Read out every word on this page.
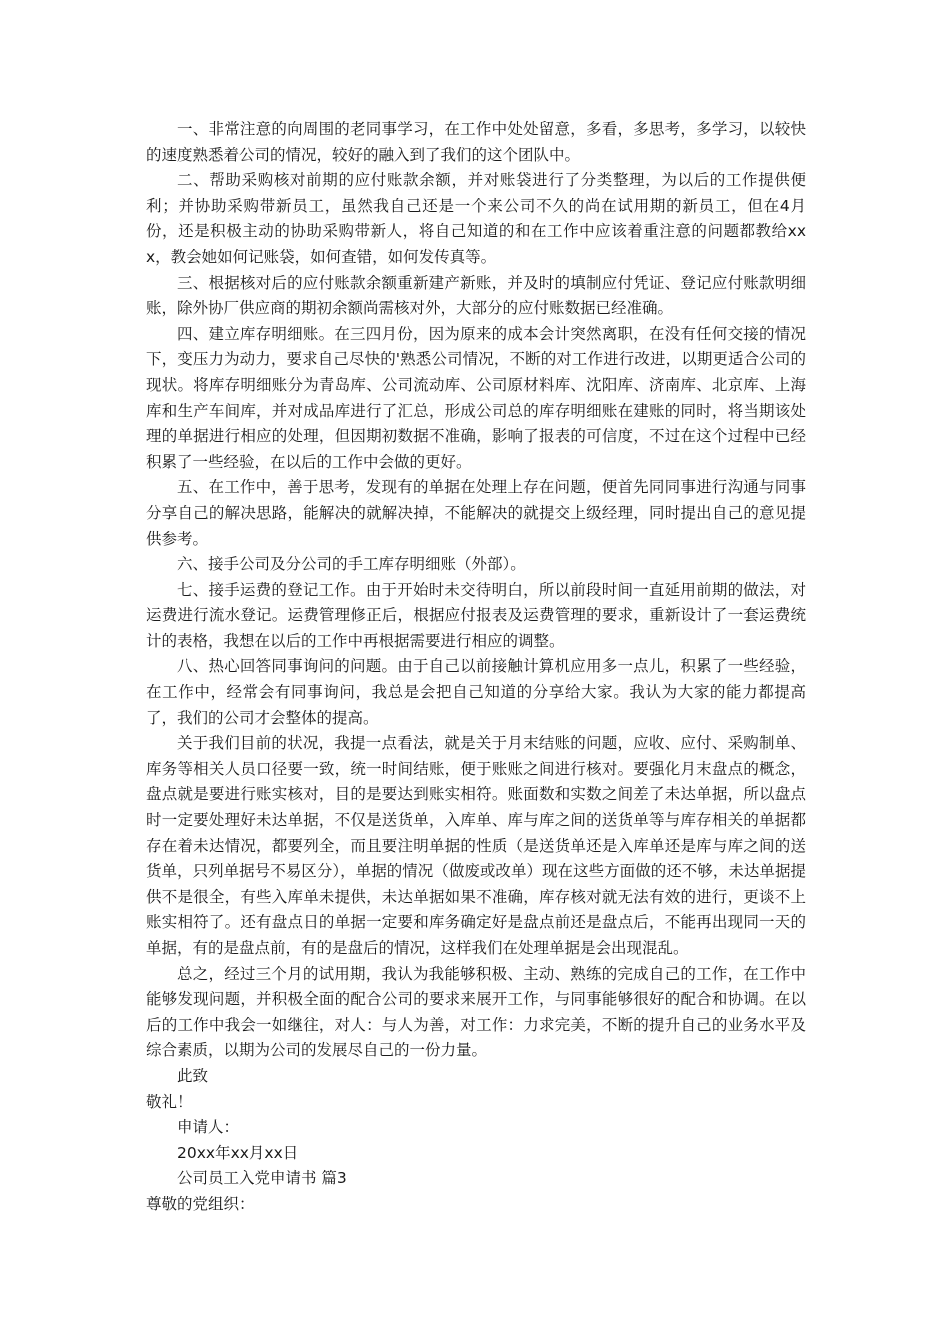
一、非常注意的向周围的老同事学习，在工作中处处留意，多看，多思考，多学习，以较快的速度熟悉着公司的情况，较好的融入到了我们的这个团队中。

二、帮助采购核对前期的应付账款余额，并对账袋进行了分类整理，为以后的工作提供便利；并协助采购带新员工，虽然我自己还是一个来公司不久的尚在试用期的新员工，但在4月份，还是积极主动的协助采购带新人，将自己知道的和在工作中应该着重注意的问题都教给xxx，教会她如何记账袋，如何查错，如何发传真等。

三、根据核对后的应付账款余额重新建产新账，并及时的填制应付凭证、登记应付账款明细账，除外协厂供应商的期初余额尚需核对外，大部分的应付账数据已经准确。

四、建立库存明细账。在三四月份，因为原来的成本会计突然离职，在没有任何交接的情况下，变压力为动力，要求自己尽快的'熟悉公司情况，不断的对工作进行改进，以期更适合公司的现状。将库存明细账分为青岛库、公司流动库、公司原材料库、沈阳库、济南库、北京库、上海库和生产车间库，并对成品库进行了汇总，形成公司总的库存明细账在建账的同时，将当期该处理的单据进行相应的处理，但因期初数据不准确，影响了报表的可信度，不过在这个过程中已经积累了一些经验，在以后的工作中会做的更好。

五、在工作中，善于思考，发现有的单据在处理上存在问题，便首先同同事进行沟通与同事分享自己的解决思路，能解决的就解决掉，不能解决的就提交上级经理，同时提出自己的意见提供参考。

六、接手公司及分公司的手工库存明细账（外部）。

七、接手运费的登记工作。由于开始时未交待明白，所以前段时间一直延用前期的做法，对运费进行流水登记。运费管理修正后，根据应付报表及运费管理的要求，重新设计了一套运费统计的表格，我想在以后的工作中再根据需要进行相应的调整。

八、热心回答同事询问的问题。由于自己以前接触计算机应用多一点儿，积累了一些经验，在工作中，经常会有同事询问，我总是会把自己知道的分享给大家。我认为大家的能力都提高了，我们的公司才会整体的提高。

关于我们目前的状况，我提一点看法，就是关于月末结账的问题，应收、应付、采购制单、库务等相关人员口径要一致，统一时间结账，便于账账之间进行核对。要强化月末盘点的概念，盘点就是要进行账实核对，目的是要达到账实相符。账面数和实数之间差了未达单据，所以盘点时一定要处理好未达单据，不仅是送货单，入库单、库与库之间的送货单等与库存相关的单据都存在着未达情况，都要列全，而且要注明单据的性质（是送货单还是入库单还是库与库之间的送货单，只列单据号不易区分），单据的情况（做废或改单）现在这些方面做的还不够，未达单据提供不是很全，有些入库单未提供，未达单据如果不准确，库存核对就无法有效的进行，更谈不上账实相符了。还有盘点日的单据一定要和库务确定好是盘点前还是盘点后，不能再出现同一天的单据，有的是盘点前，有的是盘后的情况，这样我们在处理单据是会出现混乱。

总之，经过三个月的试用期，我认为我能够积极、主动、熟练的完成自己的工作，在工作中能够发现问题，并积极全面的配合公司的要求来展开工作，与同事能够很好的配合和协调。在以后的工作中我会一如继往，对人：与人为善，对工作：力求完美，不断的提升自己的业务水平及综合素质，以期为公司的发展尽自己的一份力量。

此致

敬礼！

申请人：

20xx年xx月xx日

公司员工入党申请书 篇3

尊敬的党组织：
